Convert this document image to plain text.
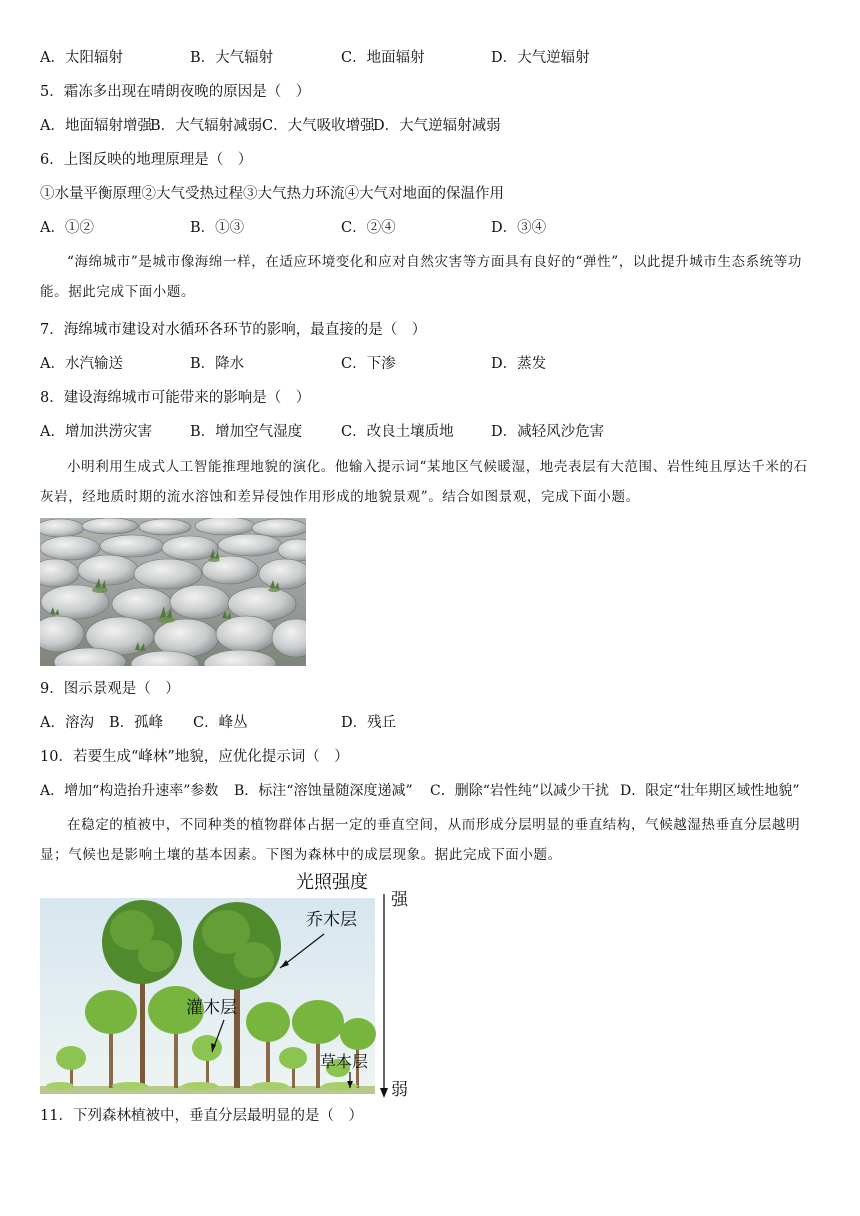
A．太阳辐射	B．大气辐射	C．地面辐射	D．大气逆辐射
5．霜冻多出现在晴朗夜晚的原因是（　）
A．地面辐射增强
B．大气辐射减弱 C．大气吸收增强
D．大气逆辐射减弱
6．上图反映的地理原理是（　）
①水量平衡原理②大气受热过程③大气热力环流④大气对地面的保温作用
A．①②	B．①③	C．②④	D．③④
“海绵城市”是城市像海绵一样，在适应环境变化和应对自然灾害等方面具有良好的“弹性”，以此提升城市生态系统等功能。据此完成下面小题。
7．海绵城市建设对水循环各环节的影响，最直接的是（　）
A．水汽输送	B．降水	C．下渗	D．蒸发
8．建设海绵城市可能带来的影响是（　）
A．增加洪涝灾害	B．增加空气湿度	C．改良土壤质地	D．减轻风沙危害
小明利用生成式人工智能推理地貌的演化。他输入提示词“某地区气候暖湿，地壳表层有大范围、岩性纯且厚达千米的石灰岩，经地质时期的流水溶蚀和差异侵蚀作用形成的地貌景观”。结合如图景观，完成下面小题。
9．图示景观是（　）
A．溶沟 B．孤峰 C．峰丛	D．残丘
10．若要生成“峰林”地貌，应优化提示词（　）
A．增加“构造抬升速率”参数 B．标注“溶蚀量随深度递减” C．删除“岩性纯”以减少干扰 D．限定“壮年期区域性地貌”
在稳定的植被中，不同种类的植物群体占据一定的垂直空间，从而形成分层明显的垂直结构，气候越湿热垂直分层越明显；气候也是影响土壤的基本因素。下图为森林中的成层现象。据此完成下面小题。
光照强度
强
弱
乔木层
灌木层
草本层
11．下列森林植被中，垂直分层最明显的是（　）
